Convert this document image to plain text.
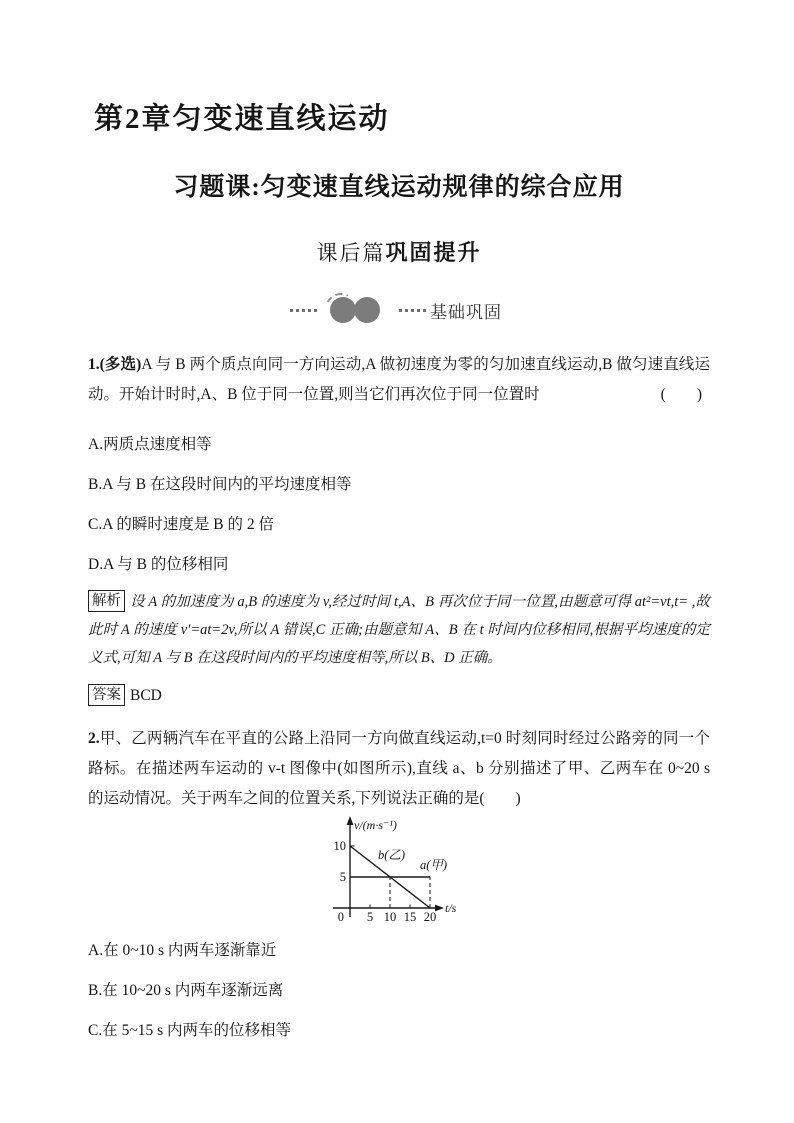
第2章匀变速直线运动
习题课:匀变速直线运动规律的综合应用
课后篇巩固提升
基础巩固

1.(多选)A 与 B 两个质点向同一方向运动,A 做初速度为零的匀加速直线运动,B 做匀速直线运动。开始计时时,A、B 位于同一位置,则当它们再次位于同一位置时	(　　)

A.两质点速度相等

B.A 与 B 在这段时间内的平均速度相等

C.A 的瞬时速度是 B 的 2 倍

D.A 与 B 的位移相同

解析 设 A 的加速度为 a,B 的速度为 v,经过时间 t,A、B 再次位于同一位置,由题意可得 at²=vt,t= ,故此时 A 的速度 v′=at=2v,所以 A 错误,C 正确;由题意知 A、B 在 t 时间内位移相同,根据平均速度的定义式,可知 A 与 B 在这段时间内的平均速度相等,所以 B、D 正确。

答案 BCD

2.甲、乙两辆汽车在平直的公路上沿同一方向做直线运动,t=0 时刻同时经过公路旁的同一个路标。在描述两车运动的 v-t 图像中(如图所示),直线 a、b 分别描述了甲、乙两车在 0~20 s 的运动情况。关于两车之间的位置关系,下列说法正确的是(　　)

0 5 10 15 20
5
10
v/(m·s⁻¹)
t/s
b(乙)
a(甲)

A.在 0~10 s 内两车逐渐靠近

B.在 10~20 s 内两车逐渐远离

C.在 5~15 s 内两车的位移相等
